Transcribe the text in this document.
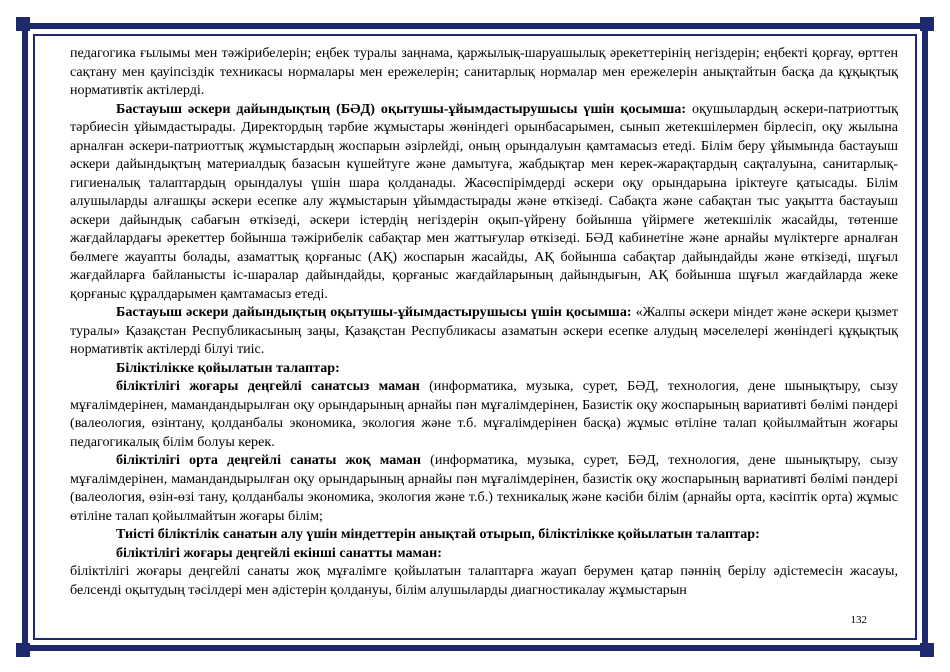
педагогика ғылымы мен тәжірибелерін; еңбек туралы заңнама, қаржылық-шаруашылық әрекеттерінің негіздерін; еңбекті қорғау, өрттен сақтану мен қауіпсіздік техникасы нормалары мен ережелерін; санитарлық нормалар мен ережелерін анықтайтын басқа да құқықтық нормативтік актілерді.

Бастауыш әскери дайындықтың (БӘД) оқытушы-ұйымдастырушысы үшін қосымша: оқушылардың әскери-патриоттық тәрбиесін ұйымдастырады. Директордың тәрбие жұмыстары жөніндегі орынбасарымен, сынып жетекшілермен бірлесіп, оқу жылына арналған әскери-патриоттық жұмыстардың жоспарын әзірлейді, оның орындалуын қамтамасыз етеді. Білім беру ұйымында бастауыш әскери дайындықтың материалдық базасын күшейтуге және дамытуға, жабдықтар мен керек-жарақтардың сақталуына, санитарлық-гигиеналық талаптардың орындалуы үшін шара қолданады. Жасөспірімдерді әскери оқу орындарына іріктеуге қатысады. Білім алушыларды алғашқы әскери есепке алу жұмыстарын ұйымдастырады және өткізеді. Сабақта және сабақтан тыс уақытта бастауыш әскери дайындық сабағын өткізеді, әскери істердің негіздерін оқып-үйрену бойынша үйірмеге жетекшілік жасайды, төтенше жағдайлардағы әрекеттер бойынша тәжірибелік сабақтар мен жаттығулар өткізеді. БӘД кабинетіне және арнайы мүліктерге арналған бөлмеге жауапты болады, азаматтық қорғаныс (АҚ) жоспарын жасайды, АҚ бойынша сабақтар дайындайды және өткізеді, шұғыл жағдайларға байланысты іс-шаралар дайындайды, қорғаныс жағдайларының дайындығын, АҚ бойынша шұғыл жағдайларда жеке қорғаныс құралдарымен қамтамасыз етеді.

Бастауыш әскери дайындықтың оқытушы-ұйымдастырушысы үшін қосымша: «Жалпы әскери міндет және әскери қызмет туралы» Қазақстан Республикасының заңы, Қазақстан Республикасы азаматын әскери есепке алудың мәселелері жөніндегі құқықтық нормативтік актілерді білуі тиіс.

Біліктілікке қойылатын талаптар:

біліктілігі жоғары деңгейлі санатсыз маман (информатика, музыка, сурет, БӘД, технология, дене шынықтыру, сызу мұғалімдерінен, мамандандырылған оқу орындарының арнайы пән мұғалімдерінен, Базистік оқу жоспарының вариативті бөлімі пәндері (валеология, өзінтану, қолданбалы экономика, экология және т.б. мұғалімдерінен басқа) жұмыс өтіліне талап қойылмайтын жоғары педагогикалық білім болуы керек.

біліктілігі орта деңгейлі санаты жоқ маман (информатика, музыка, сурет, БӘД, технология, дене шынықтыру, сызу мұғалімдерінен, мамандандырылған оқу орындарының арнайы пән мұғалімдерінен, базистік оқу жоспарының вариативті бөлімі пәндері (валеология, өзін-өзі тану, қолданбалы экономика, экология және т.б.) техникалық және кәсіби білім (арнайы орта, кәсіптік орта) жұмыс өтіліне талап қойылмайтын жоғары білім;

Тиісті біліктілік санатын алу үшін міндеттерін анықтай отырып, біліктілікке қойылатын талаптар:

біліктілігі жоғары деңгейлі екінші санатты маман:

біліктілігі жоғары деңгейлі санаты жоқ мұғалімге қойылатын талаптарға жауап берумен қатар пәннің берілу әдістемесін жасауы, белсенді оқытудың тәсілдері мен әдістерін қолдануы, білім алушыларды диагностикалау жұмыстарын

132
